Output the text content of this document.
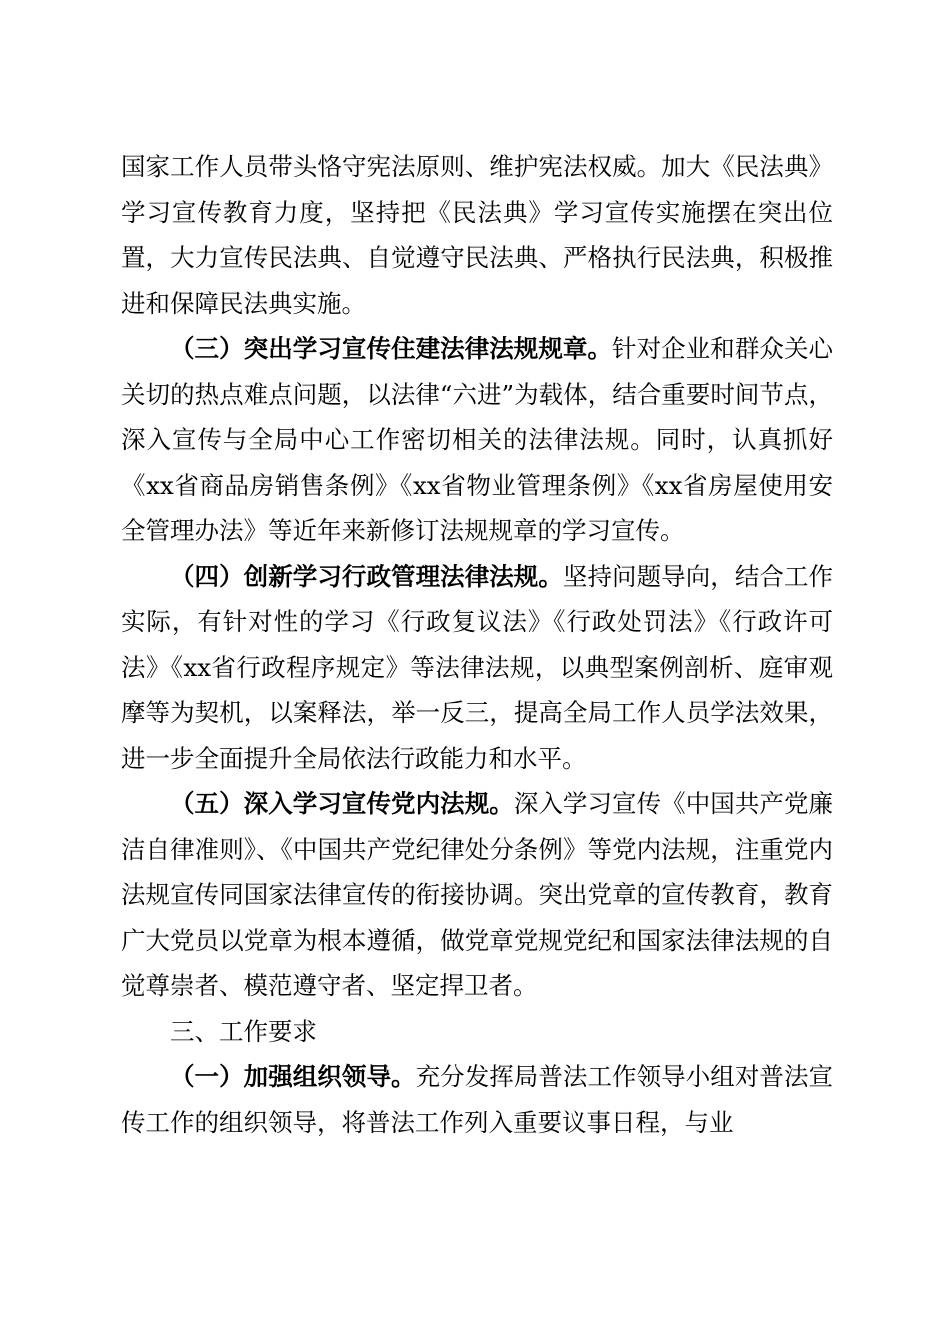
国家工作人员带头恪守宪法原则、维护宪法权威。加大《民法典》学习宣传教育力度，坚持把《民法典》学习宣传实施摆在突出位置，大力宣传民法典、自觉遵守民法典、严格执行民法典，积极推进和保障民法典实施。

（三）突出学习宣传住建法律法规规章。针对企业和群众关心关切的热点难点问题，以法律“六进”为载体，结合重要时间节点，深入宣传与全局中心工作密切相关的法律法规。同时，认真抓好《xx省商品房销售条例》《xx省物业管理条例》《xx省房屋使用安全管理办法》等近年来新修订法规规章的学习宣传。

（四）创新学习行政管理法律法规。坚持问题导向，结合工作实际，有针对性的学习《行政复议法》《行政处罚法》《行政许可法》《xx省行政程序规定》等法律法规，以典型案例剖析、庭审观摩等为契机，以案释法，举一反三，提高全局工作人员学法效果，进一步全面提升全局依法行政能力和水平。

（五）深入学习宣传党内法规。深入学习宣传《中国共产党廉洁自律准则》、《中国共产党纪律处分条例》等党内法规，注重党内法规宣传同国家法律宣传的衔接协调。突出党章的宣传教育，教育广大党员以党章为根本遵循，做党章党规党纪和国家法律法规的自觉尊崇者、模范遵守者、坚定捍卫者。

三、工作要求

（一）加强组织领导。充分发挥局普法工作领导小组对普法宣传工作的组织领导，将普法工作列入重要议事日程，与业
